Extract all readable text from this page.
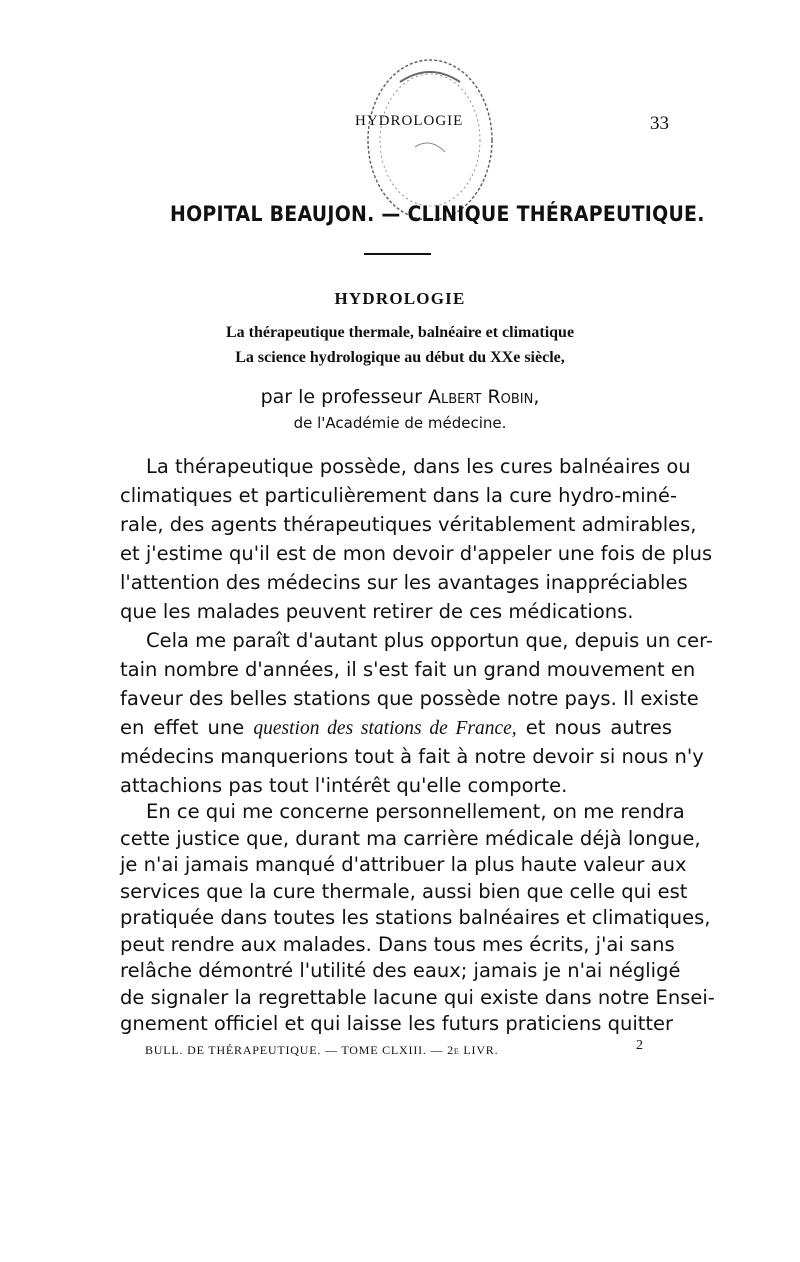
HYDROLOGIE	33
HOPITAL BEAUJON. — CLINIQUE THÉRAPEUTIQUE.
HYDROLOGIE
La thérapeutique thermale, balnéaire et climatique
La science hydrologique au début du XXe siècle,
par le professeur Albert Robin,
de l'Académie de médecine.
La thérapeutique possède, dans les cures balnéaires ou
climatiques et particulièrement dans la cure hydro-miné-
rale, des agents thérapeutiques véritablement admirables,
et j'estime qu'il est de mon devoir d'appeler une fois de plus
l'attention des médecins sur les avantages inappréciables
que les malades peuvent retirer de ces médications.
Cela me paraît d'autant plus opportun que, depuis un cer-
tain nombre d'années, il s'est fait un grand mouvement en
faveur des belles stations que possède notre pays. Il existe
en effet une question des stations de France, et nous autres
médecins manquerions tout à fait à notre devoir si nous n'y
attachions pas tout l'intérêt qu'elle comporte.
En ce qui me concerne personnellement, on me rendra
cette justice que, durant ma carrière médicale déjà longue,
je n'ai jamais manqué d'attribuer la plus haute valeur aux
services que la cure thermale, aussi bien que celle qui est
pratiquée dans toutes les stations balnéaires et climatiques,
peut rendre aux malades. Dans tous mes écrits, j'ai sans
relâche démontré l'utilité des eaux; jamais je n'ai négligé
de signaler la regrettable lacune qui existe dans notre Ensei-
BULL. DE THÉRAPEUTIQUE. — TOME CLXIII. — 2e LIVR.	2
gnement officiel et qui laisse les futurs praticiens quitter
